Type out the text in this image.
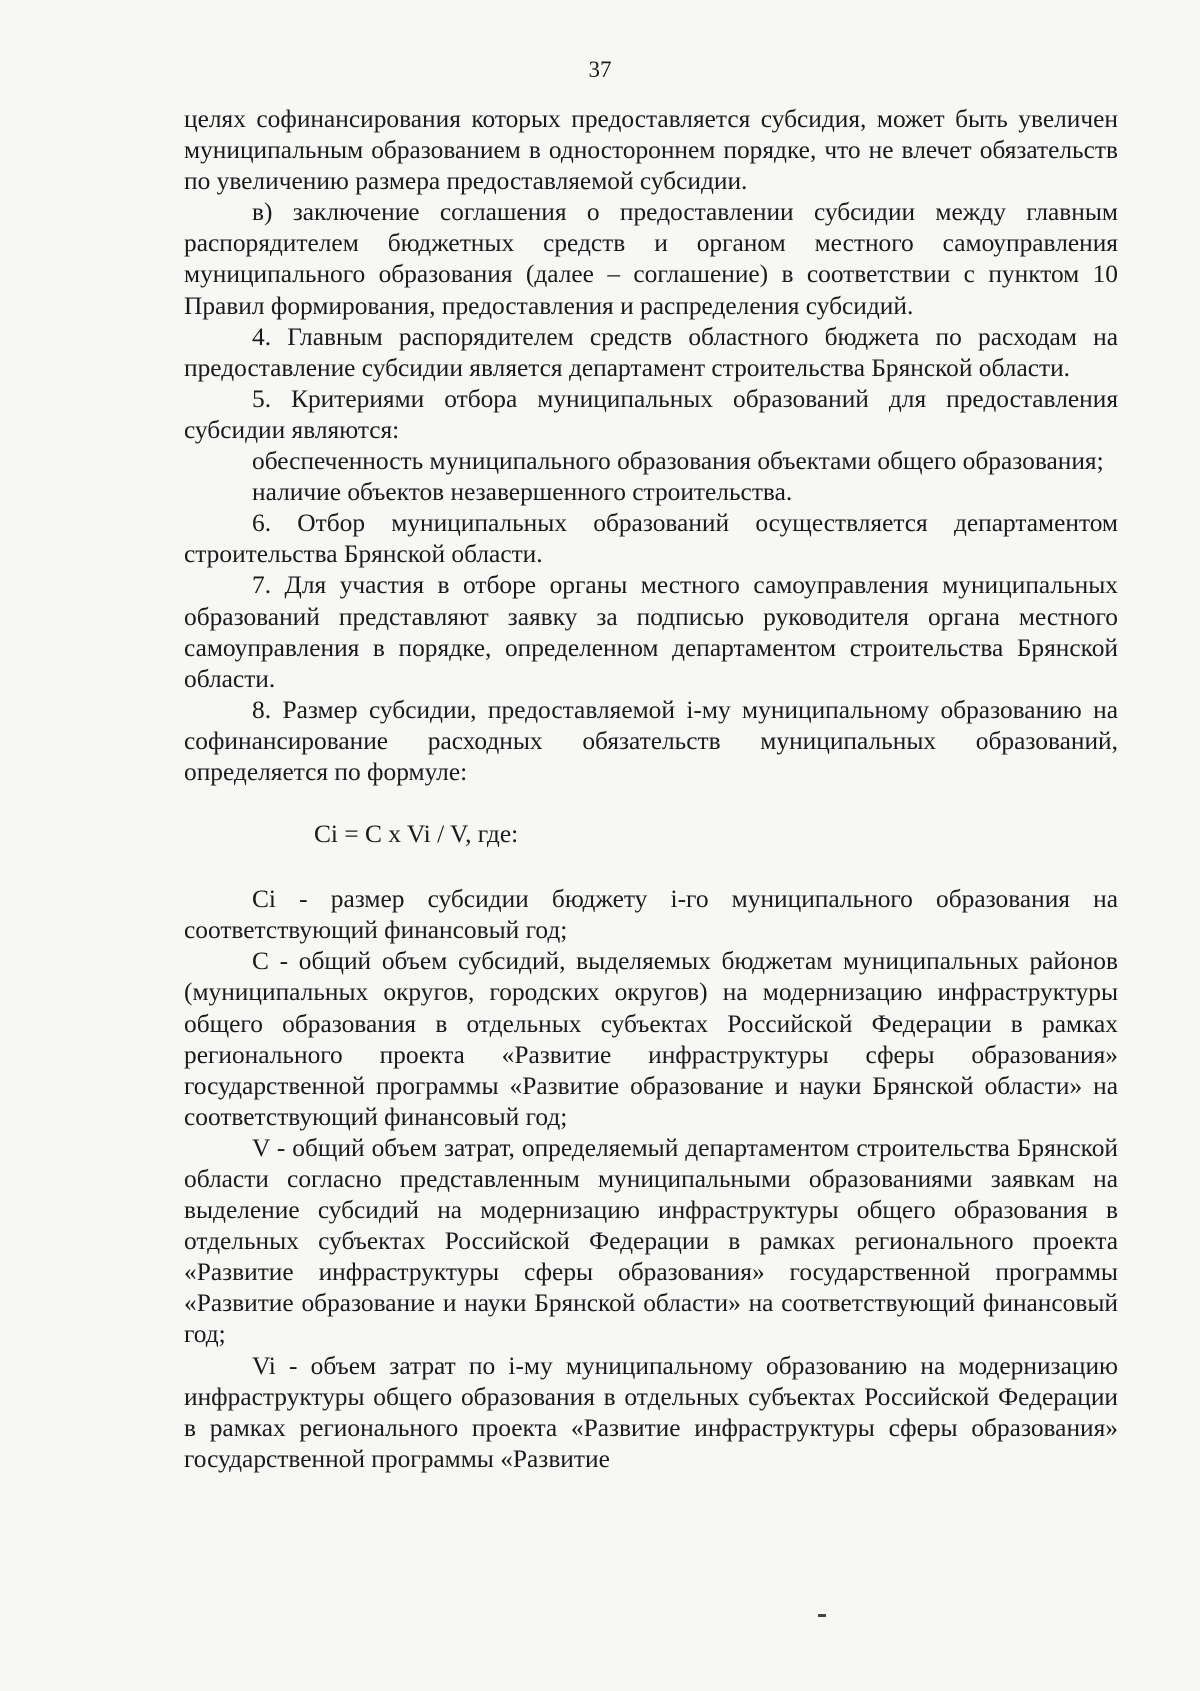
37

целях софинансирования которых предоставляется субсидия, может быть увеличен муниципальным образованием в одностороннем порядке, что не влечет обязательств по увеличению размера предоставляемой субсидии.

в) заключение соглашения о предоставлении субсидии между главным распорядителем бюджетных средств и органом местного самоуправления муниципального образования (далее – соглашение) в соответствии с пунктом 10 Правил формирования, предоставления и распределения субсидий.

4. Главным распорядителем средств областного бюджета по расходам на предоставление субсидии является департамент строительства Брянской области.

5. Критериями отбора муниципальных образований для предоставления субсидии являются:

обеспеченность муниципального образования объектами общего образования;

наличие объектов незавершенного строительства.

6. Отбор муниципальных образований осуществляется департаментом строительства Брянской области.

7. Для участия в отборе органы местного самоуправления муниципальных образований представляют заявку за подписью руководителя органа местного самоуправления в порядке, определенном департаментом строительства Брянской области.

8. Размер субсидии, предоставляемой i-му муниципальному образованию на софинансирование расходных обязательств муниципальных образований, определяется по формуле:

Ci = C x Vi / V, где:

Ci - размер субсидии бюджету i-го муниципального образования на соответствующий финансовый год;

C - общий объем субсидий, выделяемых бюджетам муниципальных районов (муниципальных округов, городских округов) на модернизацию инфраструктуры общего образования в отдельных субъектах Российской Федерации в рамках регионального проекта «Развитие инфраструктуры сферы образования» государственной программы «Развитие образование и науки Брянской области» на соответствующий финансовый год;

V - общий объем затрат, определяемый департаментом строительства Брянской области согласно представленным муниципальными образованиями заявкам на выделение субсидий на модернизацию инфраструктуры общего образования в отдельных субъектах Российской Федерации в рамках регионального проекта «Развитие инфраструктуры сферы образования» государственной программы «Развитие образование и науки Брянской области» на соответствующий финансовый год;

Vi - объем затрат по i-му муниципальному образованию на модернизацию инфраструктуры общего образования в отдельных субъектах Российской Федерации в рамках регионального проекта «Развитие инфраструктуры сферы образования» государственной программы «Развитие
